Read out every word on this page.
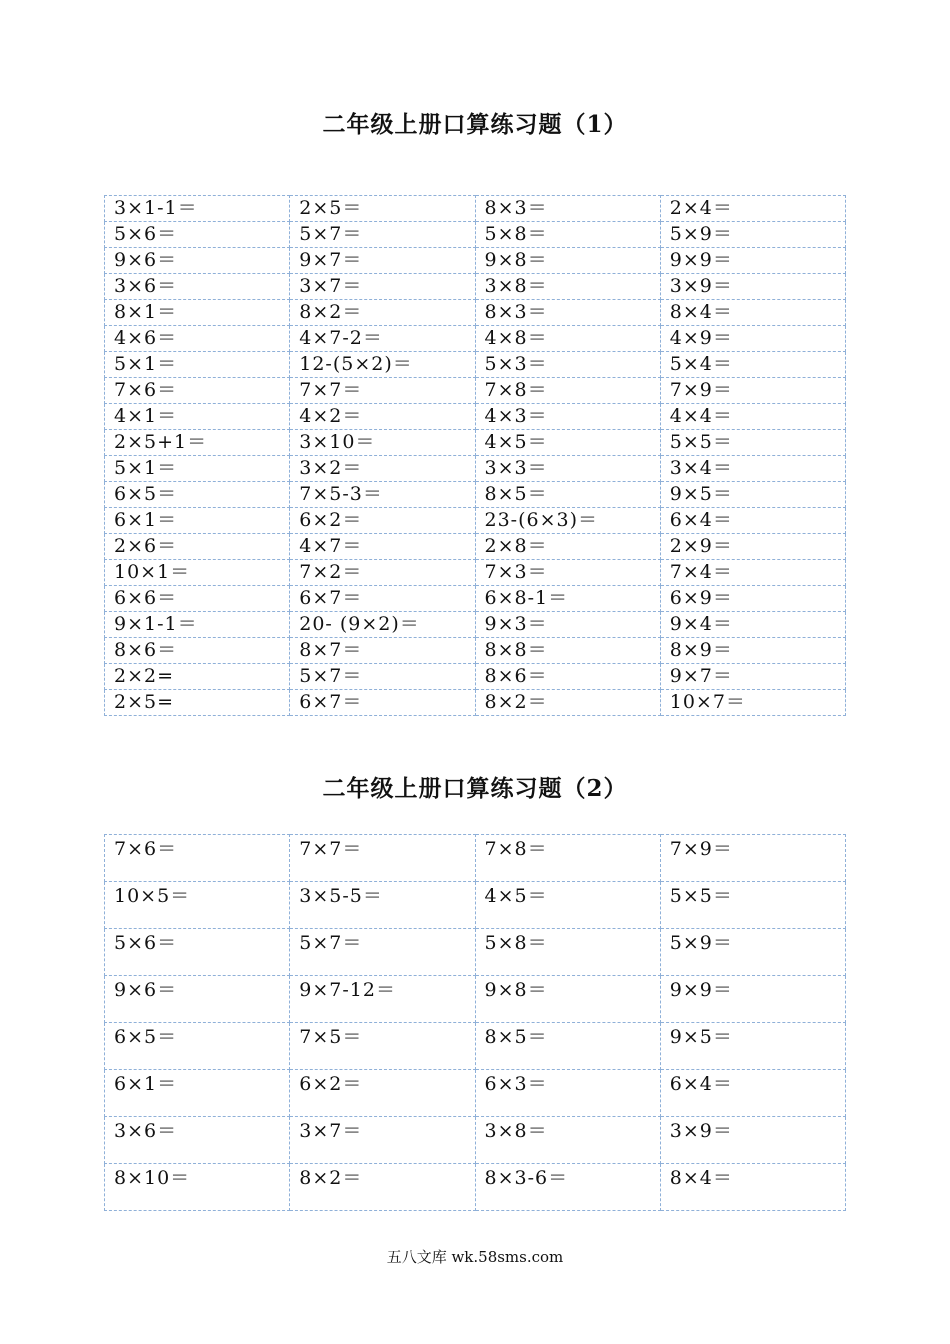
二年级上册口算练习题（1）
3×1-1＝	2×5＝	8×3＝	2×4＝
5×6＝	5×7＝	5×8＝	5×9＝
9×6＝	9×7＝	9×8＝	9×9＝
3×6＝	3×7＝	3×8＝	3×9＝
8×1＝	8×2＝	8×3＝	8×4＝
4×6＝	4×7-2＝	4×8＝	4×9＝
5×1＝	12-(5×2)＝	5×3＝	5×4＝
7×6＝	7×7＝	7×8＝	7×9＝
4×1＝	4×2＝	4×3＝	4×4＝
2×5+1＝	3×10＝	4×5＝	5×5＝
5×1＝	3×2＝	3×3＝	3×4＝
6×5＝	7×5-3＝	8×5＝	9×5＝
6×1＝	6×2＝	23-(6×3)＝	6×4＝
2×6＝	4×7＝	2×8＝	2×9＝
10×1＝	7×2＝	7×3＝	7×4＝
6×6＝	6×7＝	6×8-1＝	6×9＝
9×1-1＝	20- (9×2)＝	9×3＝	9×4＝
8×6＝	8×7＝	8×8＝	8×9＝
2×2=	5×7＝	8×6＝	9×7＝
2×5=	6×7＝	8×2＝	10×7＝
二年级上册口算练习题（2）
7×6＝	7×7＝	7×8＝	7×9＝
10×5＝	3×5-5＝	4×5＝	5×5＝
5×6＝	5×7＝	5×8＝	5×9＝
9×6＝	9×7-12＝	9×8＝	9×9＝
6×5＝	7×5＝	8×5＝	9×5＝
6×1＝	6×2＝	6×3＝	6×4＝
3×6＝	3×7＝	3×8＝	3×9＝
8×10＝	8×2＝	8×3-6＝	8×4＝
五八文库 wk.58sms.com
